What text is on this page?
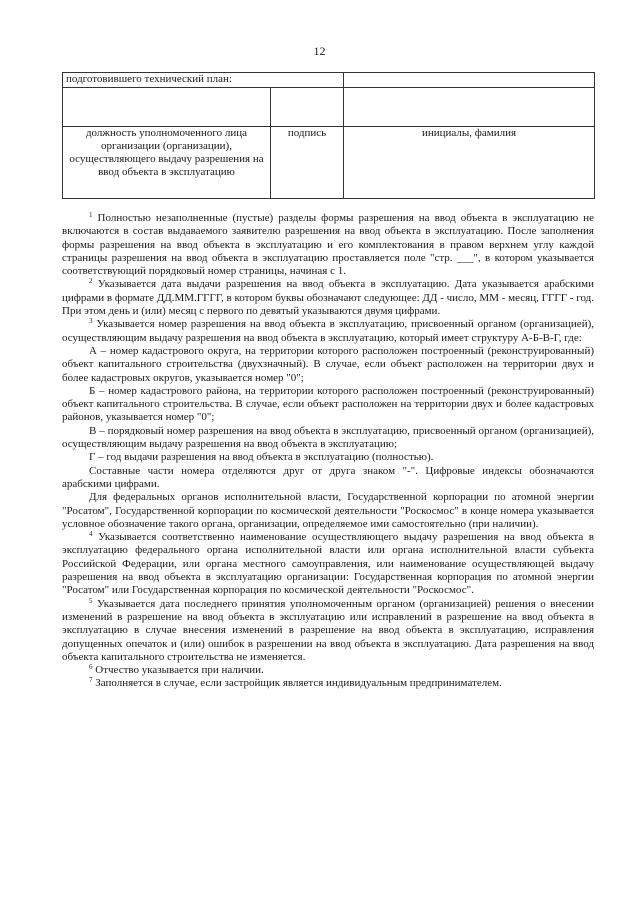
12
подготовившего технический план:		

должность уполномоченного лица организации (организации), осуществляющего выдачу разрешения на ввод объекта в эксплуатацию	подпись	инициалы, фамилия

$^1$ Полностью незаполненные (пустые) разделы формы разрешения на ввод объекта в эксплуатацию не включаются в состав выдаваемого заявителю разрешения на ввод объекта в эксплуатацию. После заполнения формы разрешения на ввод объекта в эксплуатацию и его комплектования в правом верхнем углу каждой страницы разрешения на ввод объекта в эксплуатацию проставляется поле "стр. ___", в котором указывается соответствующий порядковый номер страницы, начиная с 1.

$^2$ Указывается дата выдачи разрешения на ввод объекта в эксплуатацию. Дата указывается арабскими цифрами в формате ДД.ММ.ГГГГ, в котором буквы обозначают следующее: ДД - число, ММ - месяц, ГГГГ - год. При этом день и (или) месяц с первого по девятый указываются двумя цифрами.

$^3$ Указывается номер разрешения на ввод объекта в эксплуатацию, присвоенный органом (организацией), осуществляющим выдачу разрешения на ввод объекта в эксплуатацию, который имеет структуру А-Б-В-Г, где:

А – номер кадастрового округа, на территории которого расположен построенный (реконструированный) объект капитального строительства (двухзначный). В случае, если объект расположен на территории двух и более кадастровых округов, указывается номер "0";

Б – номер кадастрового района, на территории которого расположен построенный (реконструированный) объект капитального строительства. В случае, если объект расположен на территории двух и более кадастровых районов, указывается номер "0";

В – порядковый номер разрешения на ввод объекта в эксплуатацию, присвоенный органом (организацией), осуществляющим выдачу разрешения на ввод объекта в эксплуатацию;

Г – год выдачи разрешения на ввод объекта в эксплуатацию (полностью).

Составные части номера отделяются друг от друга знаком "-". Цифровые индексы обозначаются арабскими цифрами.

Для федеральных органов исполнительной власти, Государственной корпорации по атомной энергии "Росатом", Государственной корпорации по космической деятельности "Роскосмос" в конце номера указывается условное обозначение такого органа, организации, определяемое ими самостоятельно (при наличии).

$^4$ Указывается соответственно наименование осуществляющего выдачу разрешения на ввод объекта в эксплуатацию федерального органа исполнительной власти или органа исполнительной власти субъекта Российской Федерации, или органа местного самоуправления, или наименование осуществляющей выдачу разрешения на ввод объекта в эксплуатацию организации: Государственная корпорация по атомной энергии "Росатом" или Государственная корпорация по космической деятельности "Роскосмос".

$^5$ Указывается дата последнего принятия уполномоченным органом (организацией) решения о внесении изменений в разрешение на ввод объекта в эксплуатацию или исправлений в разрешение на ввод объекта в эксплуатацию в случае внесения изменений в разрешение на ввод объекта в эксплуатацию, исправления допущенных опечаток и (или) ошибок в разрешении на ввод объекта в эксплуатацию. Дата разрешения на ввод объекта капитального строительства не изменяется.

$^6$ Отчество указывается при наличии.

$^7$ Заполняется в случае, если застройщик является индивидуальным предпринимателем.
